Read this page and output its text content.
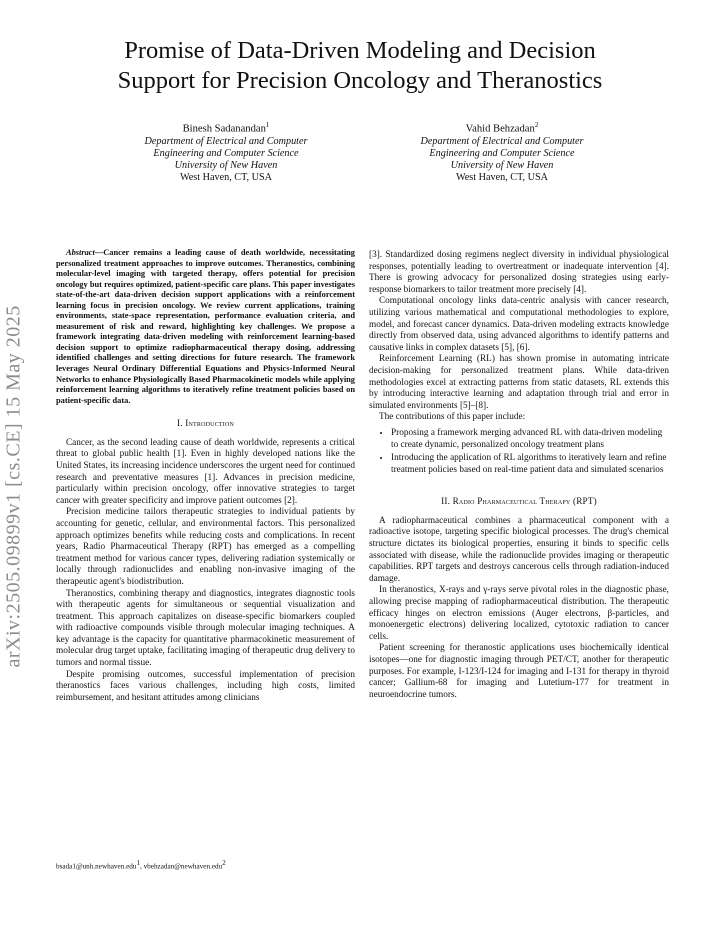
Promise of Data-Driven Modeling and Decision
Support for Precision Oncology and Theranostics
Binesh Sadanandan$^1$
Department of Electrical and Computer
Engineering and Computer Science
University of New Haven
West Haven, CT, USA
Vahid Behzadan$^2$
Department of Electrical and Computer
Engineering and Computer Science
University of New Haven
West Haven, CT, USA
arXiv:2505.09899v1 [cs.CE] 15 May 2025

Abstract—Cancer remains a leading cause of death worldwide, necessitating personalized treatment approaches to improve outcomes. Theranostics, combining molecular-level imaging with targeted therapy, offers potential for precision oncology but requires optimized, patient-specific care plans. This paper investigates state-of-the-art data-driven decision support applications with a reinforcement learning focus in precision oncology. We review current applications, training environments, state-space representation, performance evaluation criteria, and measurement of risk and reward, highlighting key challenges. We propose a framework integrating data-driven modeling with reinforcement learning-based decision support to optimize radiopharmaceutical therapy dosing, addressing identified challenges and setting directions for future research. The framework leverages Neural Ordinary Differential Equations and Physics-Informed Neural Networks to enhance Physiologically Based Pharmacokinetic models while applying reinforcement learning algorithms to iteratively refine treatment policies based on patient-specific data.

I. Introduction

Cancer, as the second leading cause of death worldwide, represents a critical threat to global public health [1]. Even in highly developed nations like the United States, its increasing incidence underscores the urgent need for continued research and preventative measures [1]. Advances in precision medicine, particularly within precision oncology, offer innovative strategies to target cancer with greater specificity and improve patient outcomes [2].

Precision medicine tailors therapeutic strategies to individual patients by accounting for genetic, cellular, and environmental factors. This personalized approach optimizes benefits while reducing costs and complications. In recent years, Radio Pharmaceutical Therapy (RPT) has emerged as a compelling treatment method for various cancer types, delivering radiation systemically or locally through radionuclides and enabling non-invasive imaging of the therapeutic agent's biodistribution.

Theranostics, combining therapy and diagnostics, integrates diagnostic tools with therapeutic agents for simultaneous or sequential visualization and treatment. This approach capitalizes on disease-specific biomarkers coupled with radioactive compounds visible through molecular imaging techniques. A key advantage is the capacity for quantitative pharmacokinetic measurement of molecular drug target uptake, facilitating imaging of therapeutic drug delivery to tumors and normal tissue.

Despite promising outcomes, successful implementation of precision theranostics faces various challenges, including high costs, limited reimbursement, and hesitant attitudes among clinicians

[3]. Standardized dosing regimens neglect diversity in individual physiological responses, potentially leading to overtreatment or inadequate intervention [4]. There is growing advocacy for personalized dosing strategies using early-response biomarkers to tailor treatment more precisely [4].

Computational oncology links data-centric analysis with cancer research, utilizing various mathematical and computational methodologies to explore, model, and forecast cancer dynamics. Data-driven modeling extracts knowledge directly from observed data, using advanced algorithms to identify patterns and causative links in complex datasets [5], [6].

Reinforcement Learning (RL) has shown promise in automating intricate decision-making for personalized treatment plans. While data-driven methodologies excel at extracting patterns from static datasets, RL extends this by introducing interactive learning and adaptation through trial and error in simulated environments [5]–[8].

The contributions of this paper include:

• Proposing a framework merging advanced RL with data-driven modeling to create dynamic, personalized oncology treatment plans
• Introducing the application of RL algorithms to iteratively learn and refine treatment policies based on real-time patient data and simulated scenarios

II. Radio Pharmaceutical Therapy (RPT)

A radiopharmaceutical combines a pharmaceutical component with a radioactive isotope, targeting specific biological processes. The drug's chemical structure dictates its biological properties, ensuring it binds to specific cells associated with disease, while the radionuclide provides imaging or therapeutic capabilities. RPT targets and destroys cancerous cells through radiation-induced damage.

In theranostics, X-rays and γ-rays serve pivotal roles in the diagnostic phase, allowing precise mapping of radiopharmaceutical distribution. The therapeutic efficacy hinges on electron emissions (Auger electrons, β-particles, and monoenergetic electrons) delivering localized, cytotoxic radiation to cancer cells.

Patient screening for theranostic applications uses biochemically identical isotopes—one for diagnostic imaging through PET/CT, another for therapeutic purposes. For example, I-123/I-124 for imaging and I-131 for therapy in thyroid cancer; Gallium-68 for imaging and Lutetium-177 for treatment in neuroendocrine tumors.

bsada1@unh.newhaven.edu$^1$, vbehzadan@newhaven.edu$^2$
